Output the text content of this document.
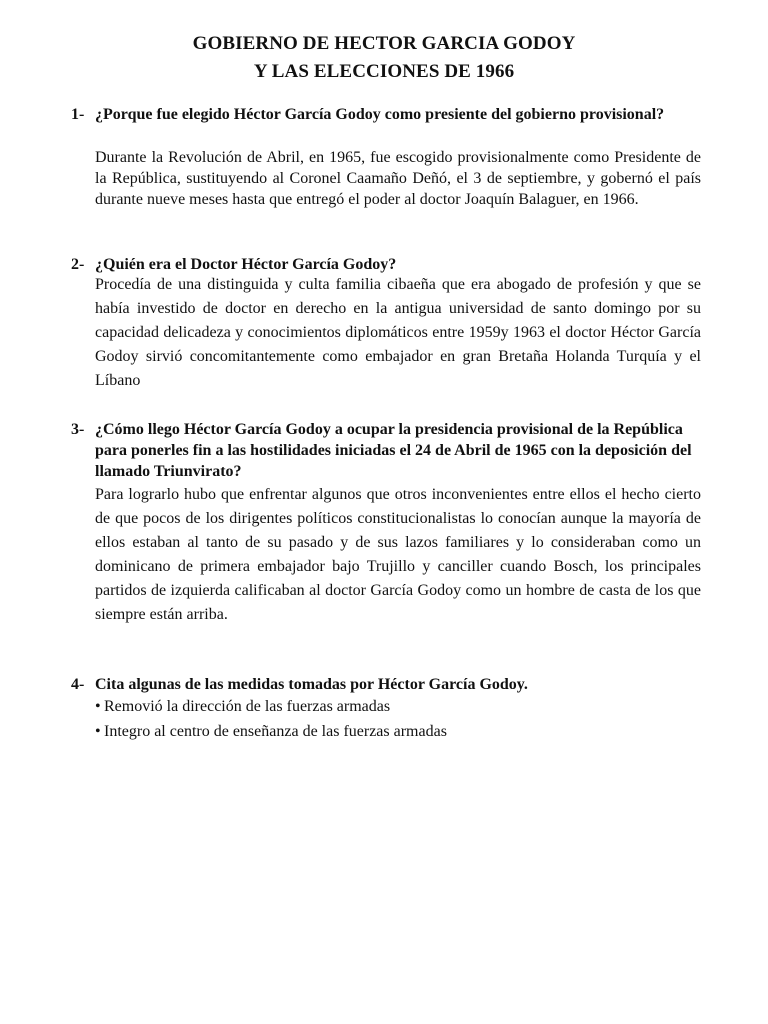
GOBIERNO DE HECTOR GARCIA GODOY
Y LAS ELECCIONES DE 1966
1- ¿Porque fue elegido Héctor García Godoy como presiente del gobierno provisional?
Durante la Revolución de Abril, en 1965, fue escogido provisionalmente como Presidente de la República, sustituyendo al Coronel Caamaño Deñó, el 3 de septiembre, y gobernó el país durante nueve meses hasta que entregó el poder al doctor Joaquín Balaguer, en 1966.
2- ¿Quién era el Doctor Héctor García Godoy?
Procedía de una distinguida y culta familia cibaeña que era abogado de profesión y que se había investido de doctor en derecho en la antigua universidad de santo domingo por su capacidad delicadeza y conocimientos diplomáticos entre 1959y 1963 el doctor Héctor García Godoy sirvió concomitantemente como embajador en gran Bretaña Holanda Turquía y el Líbano
3- ¿Cómo llego Héctor García Godoy a ocupar la presidencia provisional de la República para ponerles fin a las hostilidades iniciadas el 24 de Abril de 1965 con la deposición del llamado Triunvirato?
Para lograrlo hubo que enfrentar algunos que otros inconvenientes entre ellos el hecho cierto de que pocos de los dirigentes políticos constitucionalistas lo conocían aunque la mayoría de ellos estaban al tanto de su pasado y de sus lazos familiares y lo consideraban como un dominicano de primera embajador bajo Trujillo y canciller cuando Bosch, los principales partidos de izquierda calificaban al doctor García Godoy como un hombre de casta de los que siempre están arriba.
4- Cita algunas de las medidas tomadas por Héctor García Godoy.
• Removió la dirección de las fuerzas armadas
• Integro al centro de enseñanza de las fuerzas armadas
